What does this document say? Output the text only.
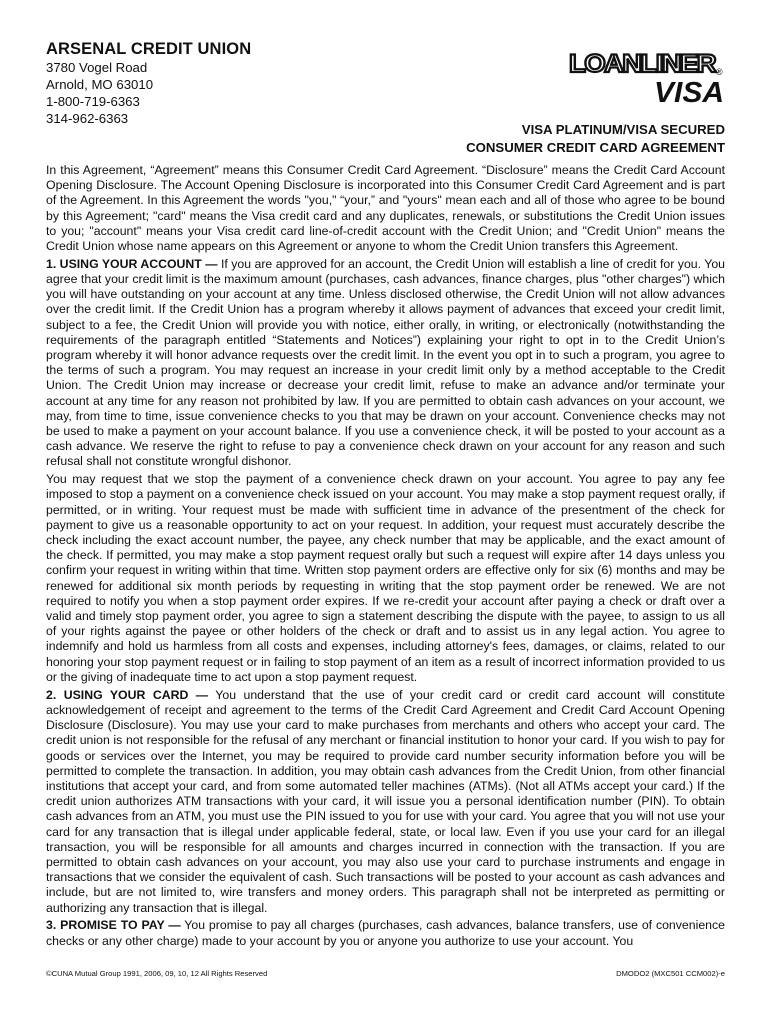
ARSENAL CREDIT UNION
3780 Vogel Road
Arnold, MO 63010
1-800-719-6363
314-962-6363
LOANLINER ®
VISA
VISA PLATINUM/VISA SECURED
CONSUMER CREDIT CARD AGREEMENT

In this Agreement, “Agreement” means this Consumer Credit Card Agreement. “Disclosure” means the Credit Card Account Opening Disclosure. The Account Opening Disclosure is incorporated into this Consumer Credit Card Agreement and is part of the Agreement. In this Agreement the words "you," “your,” and "yours" mean each and all of those who agree to be bound by this Agreement; "card" means the Visa credit card and any duplicates, renewals, or substitutions the Credit Union issues to you; "account" means your Visa credit card line-of-credit account with the Credit Union; and "Credit Union" means the Credit Union whose name appears on this Agreement or anyone to whom the Credit Union transfers this Agreement.

1. USING YOUR ACCOUNT — If you are approved for an account, the Credit Union will establish a line of credit for you. You agree that your credit limit is the maximum amount (purchases, cash advances, finance charges, plus "other charges") which you will have outstanding on your account at any time. Unless disclosed otherwise, the Credit Union will not allow advances over the credit limit. If the Credit Union has a program whereby it allows payment of advances that exceed your credit limit, subject to a fee, the Credit Union will provide you with notice, either orally, in writing, or electronically (notwithstanding the requirements of the paragraph entitled “Statements and Notices”) explaining your right to opt in to the Credit Union’s program whereby it will honor advance requests over the credit limit. In the event you opt in to such a program, you agree to the terms of such a program. You may request an increase in your credit limit only by a method acceptable to the Credit Union. The Credit Union may increase or decrease your credit limit, refuse to make an advance and/or terminate your account at any time for any reason not prohibited by law. If you are permitted to obtain cash advances on your account, we may, from time to time, issue convenience checks to you that may be drawn on your account. Convenience checks may not be used to make a payment on your account balance. If you use a convenience check, it will be posted to your account as a cash advance. We reserve the right to refuse to pay a convenience check drawn on your account for any reason and such refusal shall not constitute wrongful dishonor.

You may request that we stop the payment of a convenience check drawn on your account. You agree to pay any fee imposed to stop a payment on a convenience check issued on your account. You may make a stop payment request orally, if permitted, or in writing. Your request must be made with sufficient time in advance of the presentment of the check for payment to give us a reasonable opportunity to act on your request. In addition, your request must accurately describe the check including the exact account number, the payee, any check number that may be applicable, and the exact amount of the check. If permitted, you may make a stop payment request orally but such a request will expire after 14 days unless you confirm your request in writing within that time. Written stop payment orders are effective only for six (6) months and may be renewed for additional six month periods by requesting in writing that the stop payment order be renewed. We are not required to notify you when a stop payment order expires. If we re-credit your account after paying a check or draft over a valid and timely stop payment order, you agree to sign a statement describing the dispute with the payee, to assign to us all of your rights against the payee or other holders of the check or draft and to assist us in any legal action. You agree to indemnify and hold us harmless from all costs and expenses, including attorney's fees, damages, or claims, related to our honoring your stop payment request or in failing to stop payment of an item as a result of incorrect information provided to us or the giving of inadequate time to act upon a stop payment request.

2. USING YOUR CARD — You understand that the use of your credit card or credit card account will constitute acknowledgement of receipt and agreement to the terms of the Credit Card Agreement and Credit Card Account Opening Disclosure (Disclosure). You may use your card to make purchases from merchants and others who accept your card. The credit union is not responsible for the refusal of any merchant or financial institution to honor your card. If you wish to pay for goods or services over the Internet, you may be required to provide card number security information before you will be permitted to complete the transaction. In addition, you may obtain cash advances from the Credit Union, from other financial institutions that accept your card, and from some automated teller machines (ATMs). (Not all ATMs accept your card.) If the credit union authorizes ATM transactions with your card, it will issue you a personal identification number (PIN). To obtain cash advances from an ATM, you must use the PIN issued to you for use with your card. You agree that you will not use your card for any transaction that is illegal under applicable federal, state, or local law. Even if you use your card for an illegal transaction, you will be responsible for all amounts and charges incurred in connection with the transaction. If you are permitted to obtain cash advances on your account, you may also use your card to purchase instruments and engage in transactions that we consider the equivalent of cash. Such transactions will be posted to your account as cash advances and include, but are not limited to, wire transfers and money orders. This paragraph shall not be interpreted as permitting or authorizing any transaction that is illegal.

3. PROMISE TO PAY — You promise to pay all charges (purchases, cash advances, balance transfers, use of convenience checks or any other charge) made to your account by you or anyone you authorize to use your account. You

©CUNA Mutual Group 1991, 2006, 09, 10, 12 All Rights Reserved	DMODO2 (MXC501 CCM002)-e
